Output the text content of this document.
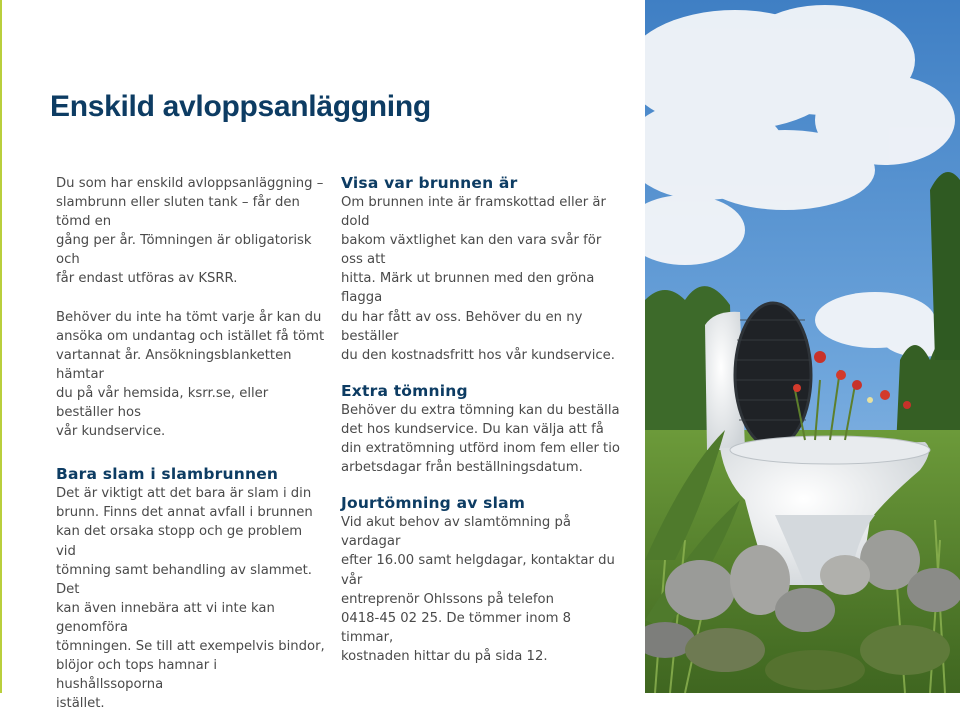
Enskild avloppsanläggning

Du som har enskild avloppsanläggning –
slambrunn eller sluten tank – får den tömd en
gång per år. Tömningen är obligatorisk och
får endast utföras av KSRR.

Behöver du inte ha tömt varje år kan du
ansöka om undantag och istället få tömt
vartannat år. Ansökningsblanketten hämtar
du på vår hemsida, ksrr.se, eller beställer hos
vår kundservice.

Bara slam i slambrunnen

Det är viktigt att det bara är slam i din
brunn. Finns det annat avfall i brunnen
kan det orsaka stopp och ge problem vid
tömning samt behandling av slammet. Det
kan även innebära att vi inte kan genomföra
tömningen. Se till att exempelvis bindor,
blöjor och tops hamnar i hushållssoporna
istället.

Visa var brunnen är

Om brunnen inte är framskottad eller är dold
bakom växtlighet kan den vara svår för oss att
hitta. Märk ut brunnen med den gröna flagga
du har fått av oss. Behöver du en ny beställer
du den kostnadsfritt hos vår kundservice.

Extra tömning

Behöver du extra tömning kan du beställa
det hos kundservice. Du kan välja att få
din extratömning utförd inom fem eller tio
arbetsdagar från beställningsdatum.

Jourtömning av slam

Vid akut behov av slamtömning på vardagar
efter 16.00 samt helgdagar, kontaktar du vår
entreprenör Ohlssons på telefon
0418-45 02 25. De tömmer inom 8 timmar,
kostnaden hittar du på sida 12.
